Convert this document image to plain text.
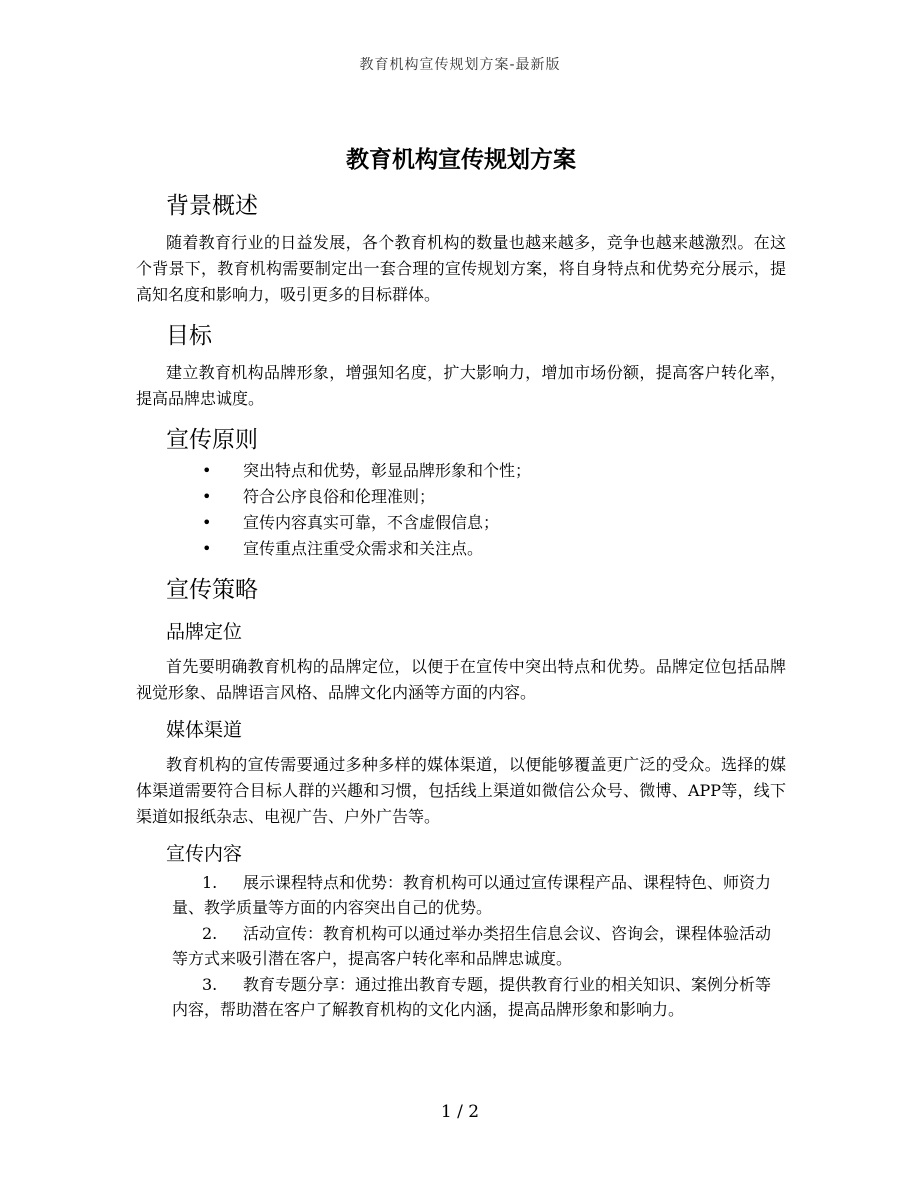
教育机构宣传规划方案-最新版
教育机构宣传规划方案
背景概述

随着教育行业的日益发展，各个教育机构的数量也越来越多，竞争也越来越激烈。在这个背景下，教育机构需要制定出一套合理的宣传规划方案，将自身特点和优势充分展示，提高知名度和影响力，吸引更多的目标群体。

目标

建立教育机构品牌形象，增强知名度，扩大影响力，增加市场份额，提高客户转化率，提高品牌忠诚度。

宣传原则
• 突出特点和优势，彰显品牌形象和个性；
• 符合公序良俗和伦理准则；
• 宣传内容真实可靠，不含虚假信息；
• 宣传重点注重受众需求和关注点。
宣传策略
品牌定位

首先要明确教育机构的品牌定位，以便于在宣传中突出特点和优势。品牌定位包括品牌视觉形象、品牌语言风格、品牌文化内涵等方面的内容。

媒体渠道

教育机构的宣传需要通过多种多样的媒体渠道，以便能够覆盖更广泛的受众。选择的媒体渠道需要符合目标人群的兴趣和习惯，包括线上渠道如微信公众号、微博、APP等，线下渠道如报纸杂志、电视广告、户外广告等。

宣传内容
1.	展示课程特点和优势：教育机构可以通过宣传课程产品、课程特色、师资力量、教学质量等方面的内容突出自己的优势。
2.	活动宣传：教育机构可以通过举办类招生信息会议、咨询会，课程体验活动等方式来吸引潜在客户，提高客户转化率和品牌忠诚度。
3.	教育专题分享：通过推出教育专题，提供教育行业的相关知识、案例分析等内容，帮助潜在客户了解教育机构的文化内涵，提高品牌形象和影响力。
1 / 2
